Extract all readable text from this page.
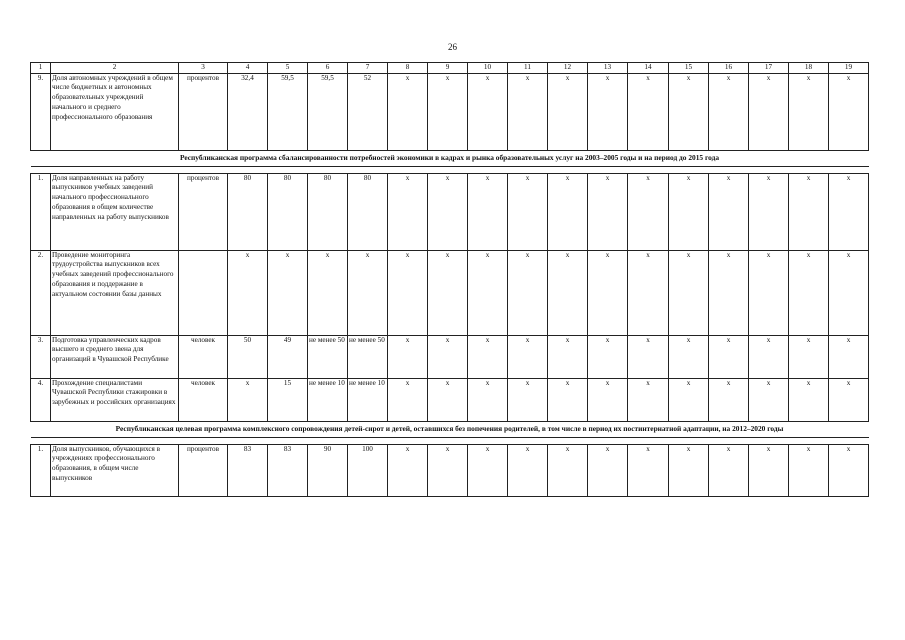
26
1	2	3	4	5	6	7	8	9	10	11	12	13	14	15	16	17	18	19
9.	Доля автономных учреждений в общем числе бюджетных и автономных образовательных учреждений начального и среднего профессионального образования	процентов	32,4	59,5	59,5	52	x	x	x	x	x	x	x	x	x	x	x	x
Республиканская программа сбалансированности потребностей экономики в кадрах и рынка образовательных услуг на 2003–2005 годы и на период до 2015 года																		

1.	Доля направленных на работу выпускников учебных заведений начального профессионального образования в общем количестве направленных на работу выпускников	процентов	80	80	80	80	x	x	x	x	x	x	x	x	x	x	x	x
2.	Проведение мониторинга трудоустройства выпускников всех учебных заведений профессионального образования и поддержание в актуальном состоянии базы данных		x	x	x	x	x	x	x	x	x	x	x	x	x	x	x	x
3.	Подготовка управленческих кадров высшего и среднего звена для организаций в Чувашской Республике	человек	50	49	не менее 50	не менее 50	x	x	x	x	x	x	x	x	x	x	x	x
4.	Прохождение специалистами Чувашской Республики стажировки в зарубежных и российских организациях	человек	x	15	не менее 10	не менее 10	x	x	x	x	x	x	x	x	x	x	x	x
Республиканская целевая программа комплексного сопровождения детей-сирот и детей, оставшихся без попечения родителей, в том числе в период их постинтернатной адаптации, на 2012–2020 годы																		

1.	Доля выпускников, обучающихся в учреждениях профессионального образования, в общем числе выпускников	процентов	83	83	90	100	x	x	x	x	x	x	x	x	x	x	x	x
